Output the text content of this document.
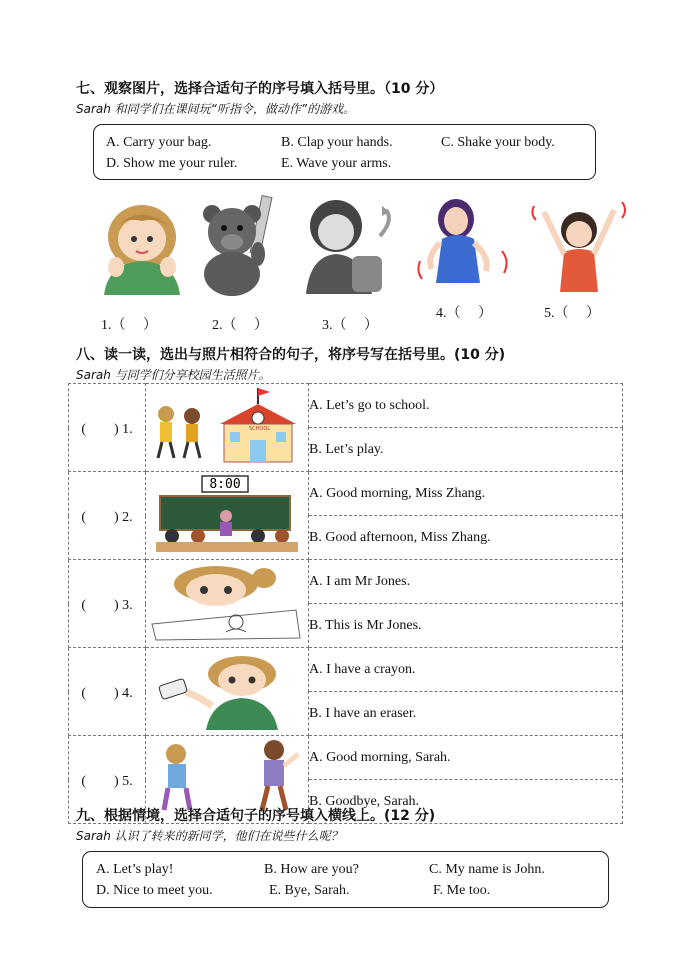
七、观察图片，选择合适句子的序号填入括号里。（10 分）
Sarah 和同学们在课间玩“听指令，做动作”的游戏。
A. Carry your bag.	B. Clap your hands.	C. Shake your body.
D. Show me your ruler.	E. Wave your arms.
1.（　 ）	2.（　 ）	3.（　 ）
4.（　 ）	5.（　 ）
八、读一读，选出与照片相符合的句子，将序号写在括号里。(10 分)
Sarah 与同学们分享校园生活照片。
(　　) 1.	SCHOOL	A. Let’s go to school.
		B. Let’s play.
(　　) 2.	8:00	A. Good morning, Miss Zhang.
		B. Good afternoon, Miss Zhang.
(　　) 3.		A. I am Mr Jones.
		B. This is Mr Jones.
(　　) 4.		A. I have a crayon.
		B. I have an eraser.
(　　) 5.		A. Good morning, Sarah.
		B. Goodbye, Sarah.
九、根据情境，选择合适句子的序号填入横线上。(12 分)
Sarah 认识了转来的新同学，他们在说些什么呢？
A. Let’s play!	B. How are you?	C. My name is John.
D. Nice to meet you.	E. Bye, Sarah.	F. Me too.
